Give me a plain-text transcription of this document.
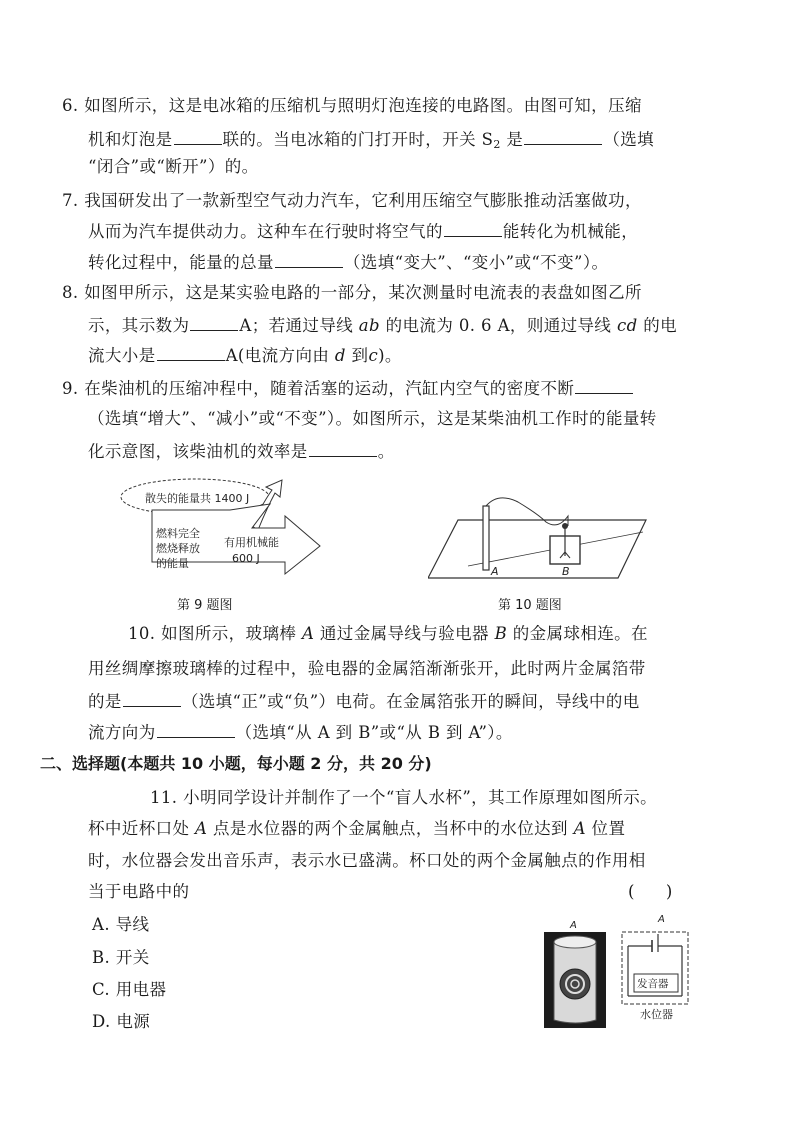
6. 如图所示，这是电冰箱的压缩机与照明灯泡连接的电路图。由图可知，压缩
机和灯泡是	联的。当电冰箱的门打开时，开关 $S_2$ 是	（选填
“闭合”或“断开”）的。
7. 我国研发出了一款新型空气动力汽车，它利用压缩空气膨胀推动活塞做功，
从而为汽车提供动力。这种车在行驶时将空气的	能转化为机械能，
转化过程中，能量的总量	（选填“变大”、“变小”或“不变”）。
8. 如图甲所示，这是某实验电路的一部分，某次测量时电流表的表盘如图乙所
示，其示数为	A；若通过导线 ab 的电流为 0. 6 A，则通过导线 cd 的电
流大小是	A(电流方向由 d 到c)。
9. 在柴油机的压缩冲程中，随着活塞的运动，汽缸内空气的密度不断
（选填“增大”、“减小”或“不变”）。如图所示，这是某柴油机工作时的能量转
化示意图，该柴油机的效率是	。
散失的能量共 1400 J
燃料完全
燃烧释放
的能量
有用机械能
600 J
第 9 题图
A	B
第 10 题图
10. 如图所示，玻璃棒 A 通过金属导线与验电器 B 的金属球相连。在
用丝绸摩擦玻璃棒的过程中，验电器的金属箔渐渐张开，此时两片金属箔带
的是	（选填“正”或“负”）电荷。在金属箔张开的瞬间，导线中的电
流方向为	（选填“从 A 到 B”或“从 B 到 A”）。
二、选择题(本题共 10 小题，每小题 2 分，共 20 分)
11. 小明同学设计并制作了一个“盲人水杯”，其工作原理如图所示。
杯中近杯口处 A 点是水位器的两个金属触点，当杯中的水位达到 A 位置
时，水位器会发出音乐声，表示水已盛满。杯口处的两个金属触点的作用相
当于电路中的	(      )
A. 导线
B. 开关
C. 用电器
D. 电源
A
发音器
A
水位器
